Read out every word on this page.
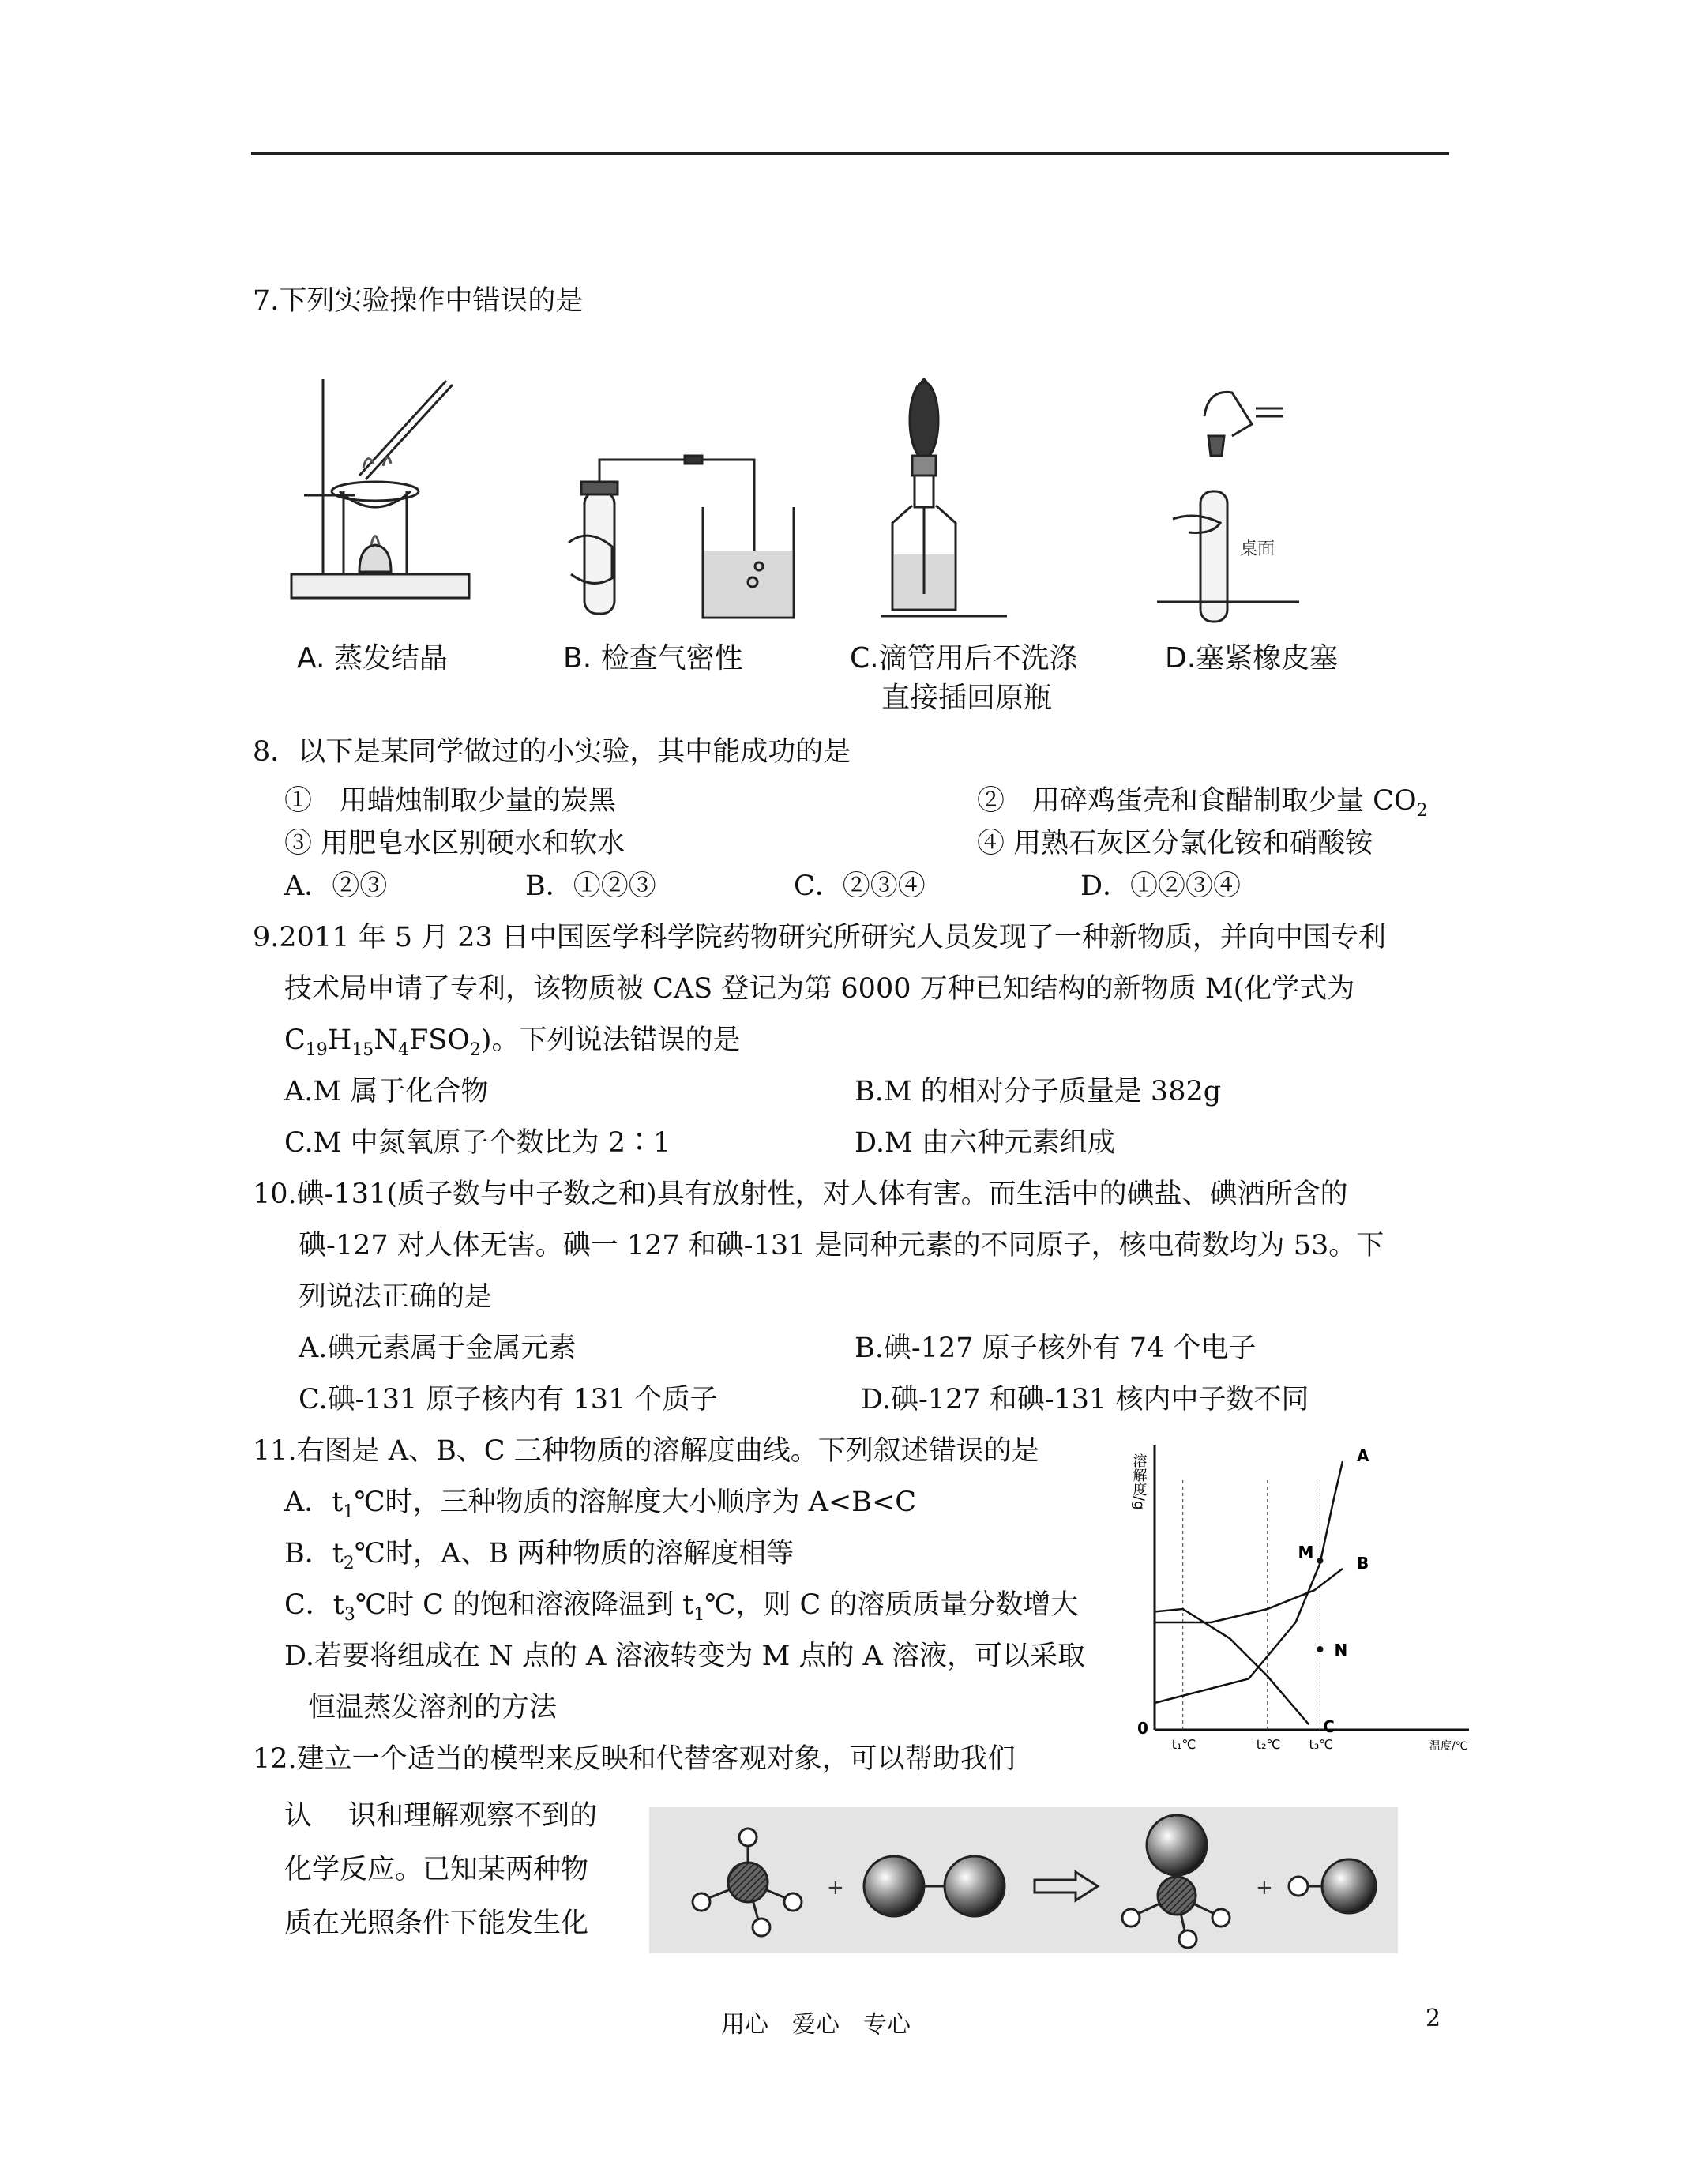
7.下列实验操作中错误的是
桌面
A. 蒸发结晶	B. 检查气密性	C.滴管用后不洗涤
直接插回原瓶
D.塞紧橡皮塞
8．以下是某同学做过的小实验，其中能成功的是
①　用蜡烛制取少量的炭黑	②　用碎鸡蛋壳和食醋制取少量 $CO_2$
③ 用肥皂水区别硬水和软水	④ 用熟石灰区分氯化铵和硝酸铵
A．②③	B．①②③	C．②③④	D．①②③④
9.2011 年 5 月 23 日中国医学科学院药物研究所研究人员发现了一种新物质，并向中国专利
技术局申请了专利，该物质被 CAS 登记为第 6000 万种已知结构的新物质 M(化学式为
$C_{19}H_{15}N_4FSO_2$)。下列说法错误的是
A.M 属于化合物	B.M 的相对分子质量是 382g
C.M 中氮氧原子个数比为 2∶1	D.M 由六种元素组成
10.碘-131(质子数与中子数之和)具有放射性，对人体有害。而生活中的碘盐、碘酒所含的
碘-127 对人体无害。碘一 127 和碘-131 是同种元素的不同原子，核电荷数均为 53。下
列说法正确的是
A.碘元素属于金属元素	B.碘-127 原子核外有 74 个电子
C.碘-131 原子核内有 131 个质子	D.碘-127 和碘-131 核内中子数不同
11.右图是 A、B、C 三种物质的溶解度曲线。下列叙述错误的是
A．$t_1℃$时，三种物质的溶解度大小顺序为 A<B<C
B．$t_2℃$时，A、B 两种物质的溶解度相等
C．$t_3℃$时 C 的饱和溶液降温到 $t_1℃$，则 C 的溶质质量分数增大
D.若要将组成在 N 点的 A 溶液转变为 M 点的 A 溶液，可以采取
恒温蒸发溶剂的方法
溶解度/g
温度/℃
0
A
B
C
M
N
t₁℃	t₂℃ t₃℃
12.建立一个适当的模型来反映和代替客观对象，可以帮助我们
认　 识和理解观察不到的
化学反应。已知某两种物
质在光照条件下能发生化
+	+
用心　爱心　专心	2
